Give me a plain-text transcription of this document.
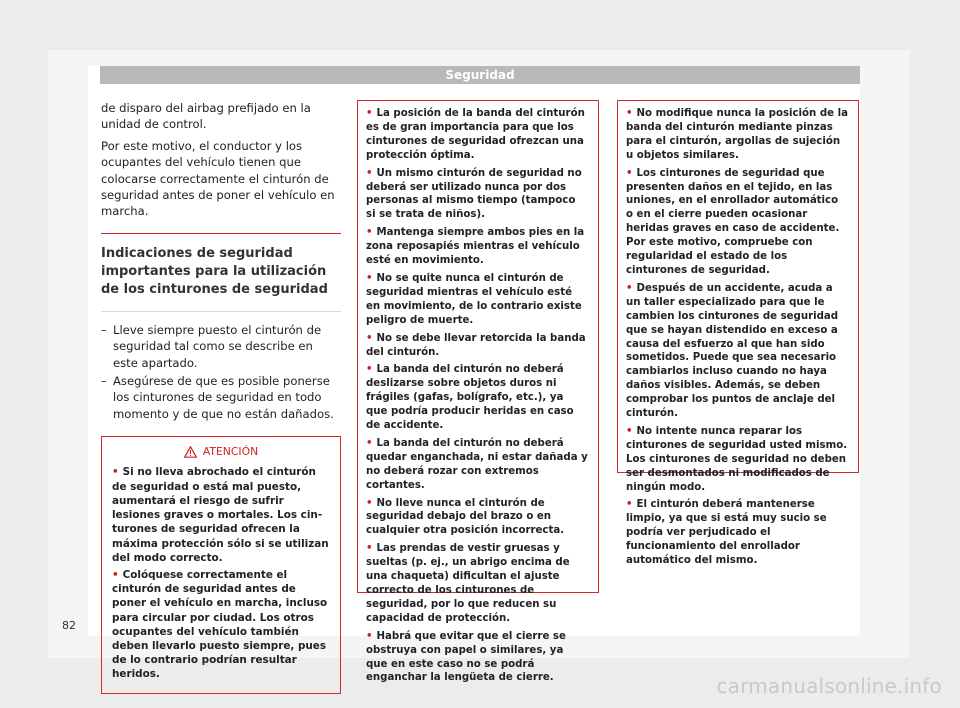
Seguridad

de disparo del airbag prefijado en la unidad de control.

Por este motivo, el conductor y los ocupantes del vehículo tienen que colocarse correctamente el cinturón de seguridad antes de poner el vehículo en marcha.

Indicaciones de seguridad importantes para la utilización de los cinturones de seguridad
– Lleve siempre puesto el cinturón de seguridad tal como se describe en este apartado.
– Asegúrese de que es posible ponerse los cinturones de seguridad en todo momento y de que no están dañados.
ATENCIÓN
• Si no lleva abrochado el cinturón de seguridad o está mal puesto, aumentará el riesgo de sufrir lesiones graves o mortales. Los cinturones de seguridad ofrecen la máxima protección sólo si se utilizan del modo correcto.
• Colóquese correctamente el cinturón de seguridad antes de poner el vehículo en marcha, incluso para circular por ciudad. Los otros ocupantes del vehículo también deben llevarlo puesto siempre, pues de lo contrario podrían resultar heridos.
• La posición de la banda del cinturón es de gran importancia para que los cinturones de seguridad ofrezcan una protección óptima.
• Un mismo cinturón de seguridad no deberá ser utilizado nunca por dos personas al mismo tiempo (tampoco si se trata de niños).
• Mantenga siempre ambos pies en la zona reposapiés mientras el vehículo esté en movimiento.
• No se quite nunca el cinturón de seguridad mientras el vehículo esté en movimiento, de lo contrario existe peligro de muerte.
• No se debe llevar retorcida la banda del cinturón.
• La banda del cinturón no deberá deslizarse sobre objetos duros ni frágiles (gafas, bolígrafo, etc.), ya que podría producir heridas en caso de accidente.
• La banda del cinturón no deberá quedar enganchada, ni estar dañada y no deberá rozar con extremos cortantes.
• No lleve nunca el cinturón de seguridad debajo del brazo o en cualquier otra posición incorrecta.
• Las prendas de vestir gruesas y sueltas (p. ej., un abrigo encima de una chaqueta) dificultan el ajuste correcto de los cinturones de seguridad, por lo que reducen su capacidad de protección.
• Habrá que evitar que el cierre se obstruya con papel o similares, ya que en este caso no se podrá enganchar la lengüeta de cierre.
• No modifique nunca la posición de la banda del cinturón mediante pinzas para el cinturón, argollas de sujeción u objetos similares.
• Los cinturones de seguridad que presenten daños en el tejido, en las uniones, en el enrollador automático o en el cierre pueden ocasionar heridas graves en caso de accidente. Por este motivo, compruebe con regularidad el estado de los cinturones de seguridad.
• Después de un accidente, acuda a un taller especializado para que le cambien los cinturones de seguridad que se hayan distendido en exceso a causa del esfuerzo al que han sido sometidos. Puede que sea necesario cambiarlos incluso cuando no haya daños visibles. Además, se deben comprobar los puntos de anclaje del cinturón.
• No intente nunca reparar los cinturones de seguridad usted mismo. Los cinturones de seguridad no deben ser desmontados ni modificados de ningún modo.
• El cinturón deberá mantenerse limpio, ya que si está muy sucio se podría ver perjudicado el funcionamiento del enrollador automático del mismo.
82
carmanualsonline.info
